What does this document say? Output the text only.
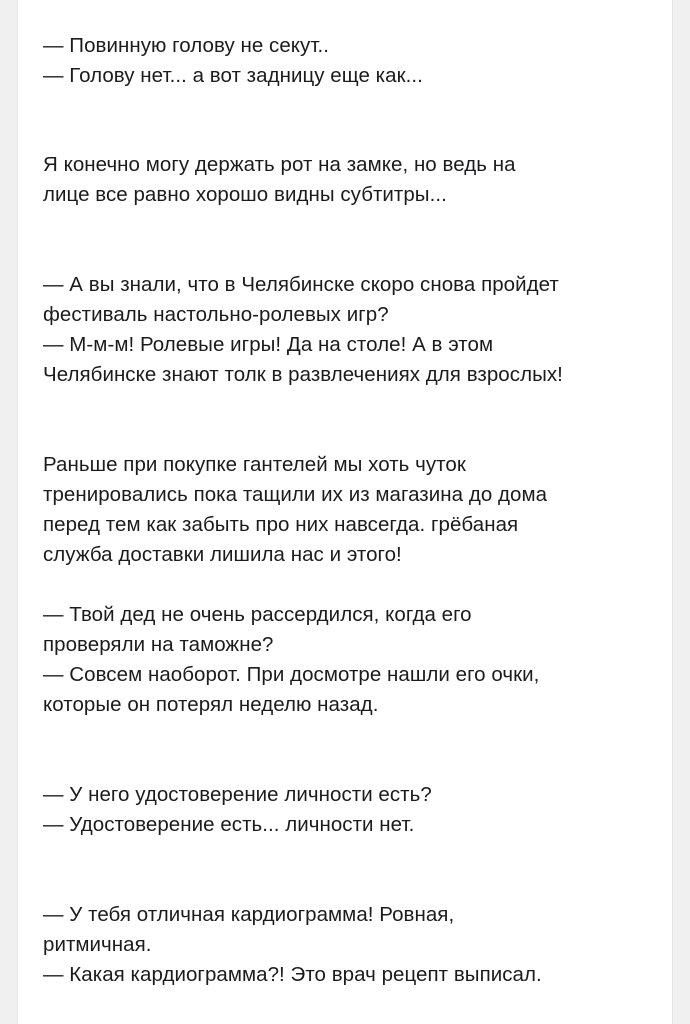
— Повинную голову не секут..
— Голову нет... а вот задницу еще как...
Я конечно могу держать рот на замке, но ведь на
лице все равно хорошо видны субтитры...
— А вы знали, что в Челябинске скоро снова пройдет
фестиваль настольно-ролевых игр?
— М-м-м! Ролевые игры! Да на столе! А в этом
Челябинске знают толк в развлечениях для взрослых!
Раньше при покупке гантелей мы хоть чуток
тренировались пока тащили их из магазина до дома
перед тем как забыть про них навсегда. грёбаная
служба доставки лишила нас и этого!
— Твой дед не очень рассердился, когда его
проверяли на таможне?
— Совсем наоборот. При досмотре нашли его очки,
которые он потерял неделю назад.
— У него удостоверение личности есть?
— Удостоверение есть... личности нет.
— У тебя отличная кардиограмма! Ровная,
ритмичная.
— Какая кардиограмма?! Это врач рецепт выписал.
